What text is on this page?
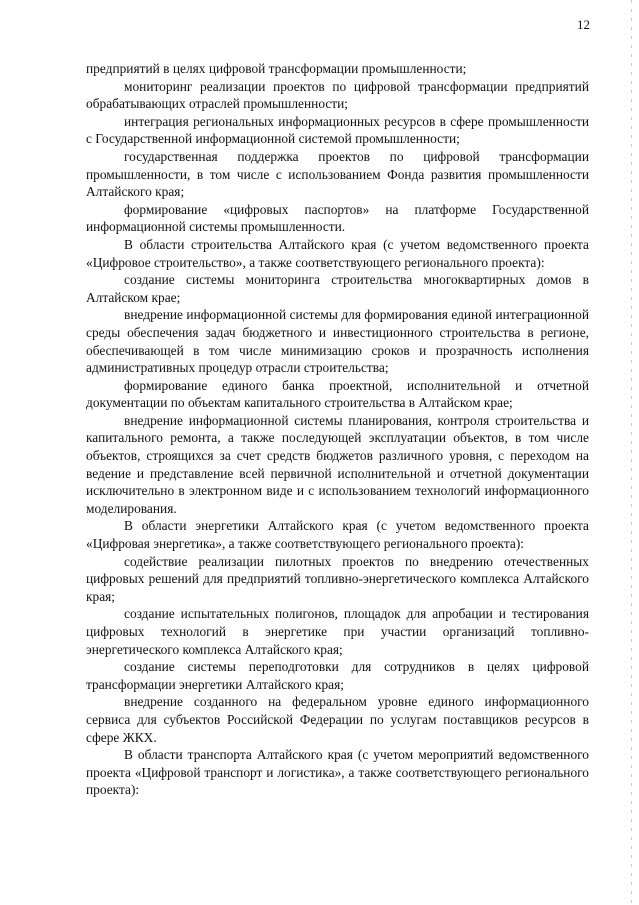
12

предприятий в целях цифровой трансформации промышленности;

мониторинг реализации проектов по цифровой трансформации предприятий обрабатывающих отраслей промышленности;

интеграция региональных информационных ресурсов в сфере промышленности с Государственной информационной системой промышленности;

государственная поддержка проектов по цифровой трансформации промышленности, в том числе с использованием Фонда развития промышленности Алтайского края;

формирование «цифровых паспортов» на платформе Государственной информационной системы промышленности.

В области строительства Алтайского края (с учетом ведомственного проекта «Цифровое строительство», а также соответствующего регионального проекта):

создание системы мониторинга строительства многоквартирных домов в Алтайском крае;

внедрение информационной системы для формирования единой интеграционной среды обеспечения задач бюджетного и инвестиционного строительства в регионе, обеспечивающей в том числе минимизацию сроков и прозрачность исполнения административных процедур отрасли строительства;

формирование единого банка проектной, исполнительной и отчетной документации по объектам капитального строительства в Алтайском крае;

внедрение информационной системы планирования, контроля строительства и капитального ремонта, а также последующей эксплуатации объектов, в том числе объектов, строящихся за счет средств бюджетов различного уровня, с переходом на ведение и представление всей первичной исполнительной и отчетной документации исключительно в электронном виде и с использованием технологий информационного моделирования.

В области энергетики Алтайского края (с учетом ведомственного проекта «Цифровая энергетика», а также соответствующего регионального проекта):

содействие реализации пилотных проектов по внедрению отечественных цифровых решений для предприятий топливно-энергетического комплекса Алтайского края;

создание испытательных полигонов, площадок для апробации и тестирования цифровых технологий в энергетике при участии организаций топливно-энергетического комплекса Алтайского края;

создание системы переподготовки для сотрудников в целях цифровой трансформации энергетики Алтайского края;

внедрение созданного на федеральном уровне единого информационного сервиса для субъектов Российской Федерации по услугам поставщиков ресурсов в сфере ЖКХ.

В области транспорта Алтайского края (с учетом мероприятий ведомственного проекта «Цифровой транспорт и логистика», а также соответствующего регионального проекта):
